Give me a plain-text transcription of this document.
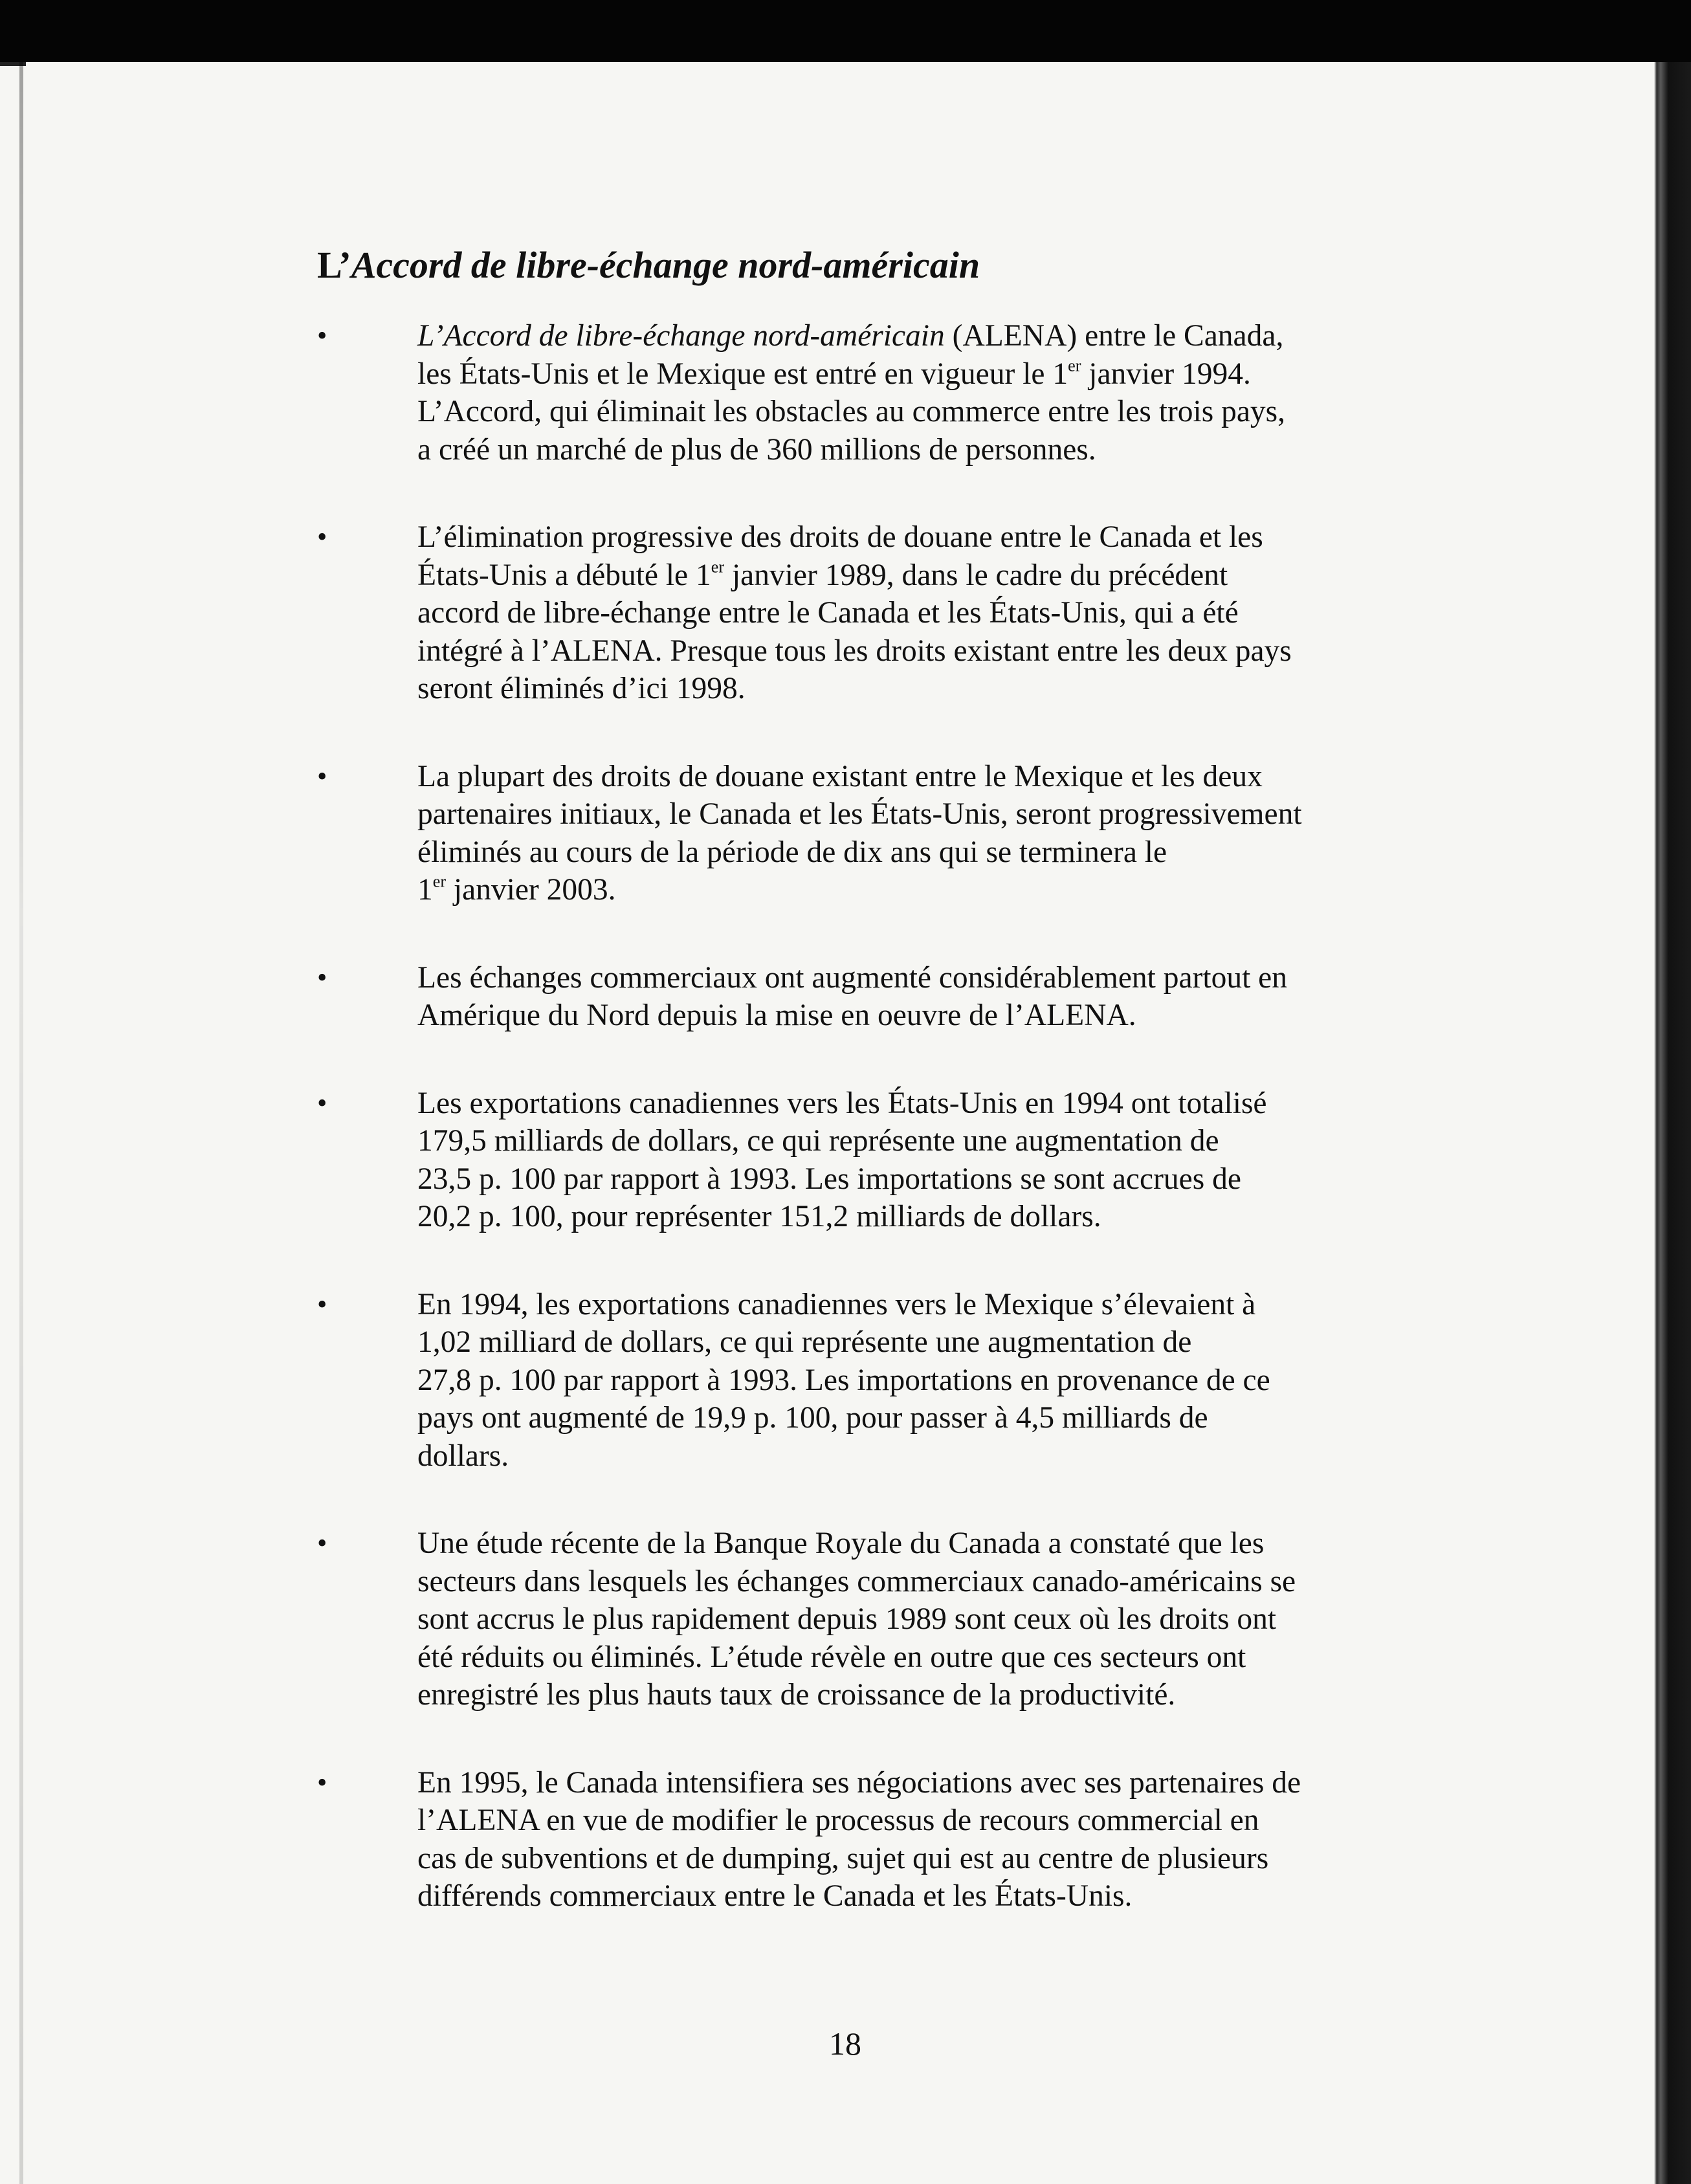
L’Accord de libre-échange nord-américain
•	L’Accord de libre-échange nord-américain (ALENA) entre le Canada,
les États-Unis et le Mexique est entré en vigueur le 1er janvier 1994.
L’Accord, qui éliminait les obstacles au commerce entre les trois pays,
a créé un marché de plus de 360 millions de personnes.

•	L’élimination progressive des droits de douane entre le Canada et les
États-Unis a débuté le 1er janvier 1989, dans le cadre du précédent
accord de libre-échange entre le Canada et les États-Unis, qui a été
intégré à l’ALENA. Presque tous les droits existant entre les deux pays
seront éliminés d’ici 1998.

•	La plupart des droits de douane existant entre le Mexique et les deux
partenaires initiaux, le Canada et les États-Unis, seront progressivement
éliminés au cours de la période de dix ans qui se terminera le
1er janvier 2003.

•	Les échanges commerciaux ont augmenté considérablement partout en
Amérique du Nord depuis la mise en oeuvre de l’ALENA.

•	Les exportations canadiennes vers les États-Unis en 1994 ont totalisé
179,5 milliards de dollars, ce qui représente une augmentation de
23,5 p. 100 par rapport à 1993. Les importations se sont accrues de
20,2 p. 100, pour représenter 151,2 milliards de dollars.

•	En 1994, les exportations canadiennes vers le Mexique s’élevaient à
1,02 milliard de dollars, ce qui représente une augmentation de
27,8 p. 100 par rapport à 1993. Les importations en provenance de ce
pays ont augmenté de 19,9 p. 100, pour passer à 4,5 milliards de
dollars.

•	Une étude récente de la Banque Royale du Canada a constaté que les
secteurs dans lesquels les échanges commerciaux canado-américains se
sont accrus le plus rapidement depuis 1989 sont ceux où les droits ont
été réduits ou éliminés. L’étude révèle en outre que ces secteurs ont
enregistré les plus hauts taux de croissance de la productivité.

•	En 1995, le Canada intensifiera ses négociations avec ses partenaires de
l’ALENA en vue de modifier le processus de recours commercial en
cas de subventions et de dumping, sujet qui est au centre de plusieurs
différends commerciaux entre le Canada et les États-Unis.

18
